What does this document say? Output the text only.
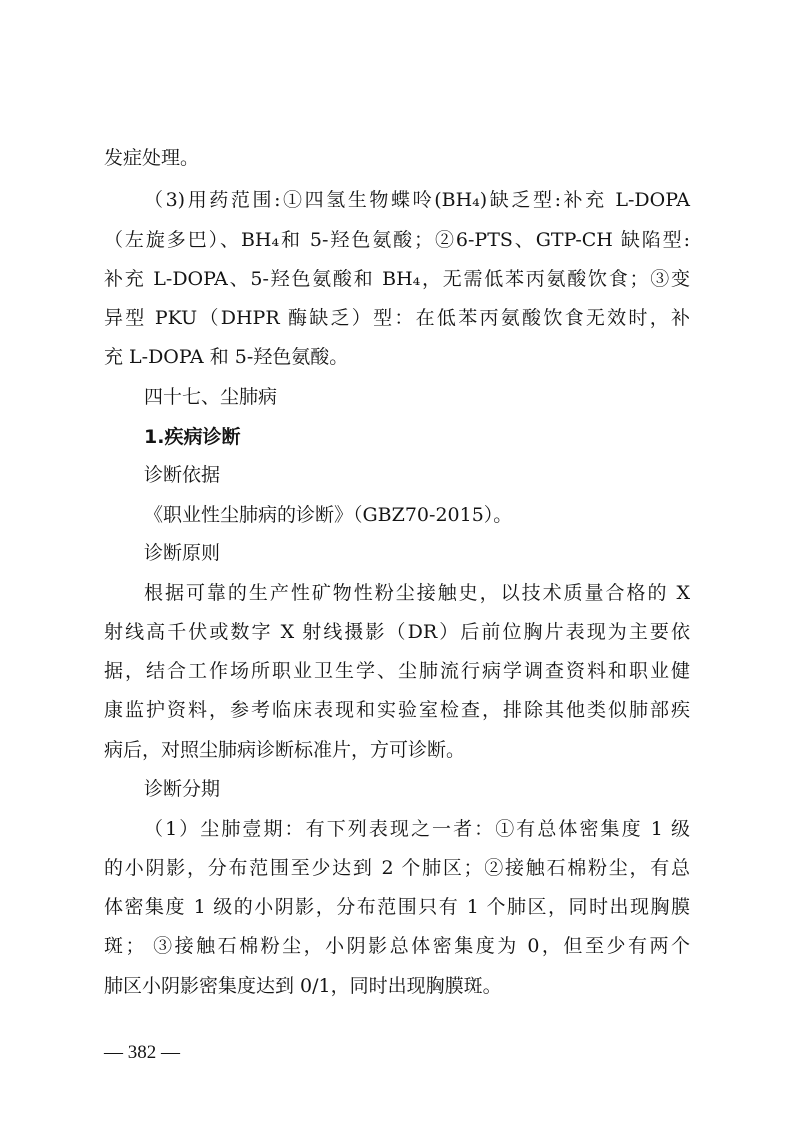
发症处理。
（3)用药范围:①四氢生物蝶呤(BH₄)缺乏型:补充 L-DOPA
（左旋多巴）、BH₄和 5-羟色氨酸；②6-PTS、GTP-CH 缺陷型:
补充 L-DOPA、5-羟色氨酸和 BH₄，无需低苯丙氨酸饮食；③变
异型 PKU（DHPR 酶缺乏）型：在低苯丙氨酸饮食无效时，补
充 L-DOPA 和 5-羟色氨酸。
四十七、尘肺病
1.疾病诊断
诊断依据
《职业性尘肺病的诊断》（GBZ70-2015）。
诊断原则
根据可靠的生产性矿物性粉尘接触史，以技术质量合格的 X
射线高千伏或数字 X 射线摄影（DR）后前位胸片表现为主要依
据，结合工作场所职业卫生学、尘肺流行病学调查资料和职业健
康监护资料，参考临床表现和实验室检查，排除其他类似肺部疾
病后，对照尘肺病诊断标准片，方可诊断。
诊断分期
（1）尘肺壹期：有下列表现之一者：①有总体密集度 1 级
的小阴影，分布范围至少达到 2 个肺区；②接触石棉粉尘，有总
体密集度 1 级的小阴影，分布范围只有 1 个肺区，同时出现胸膜
斑； ③接触石棉粉尘，小阴影总体密集度为 0，但至少有两个
肺区小阴影密集度达到 0/1，同时出现胸膜斑。
— 382 —
